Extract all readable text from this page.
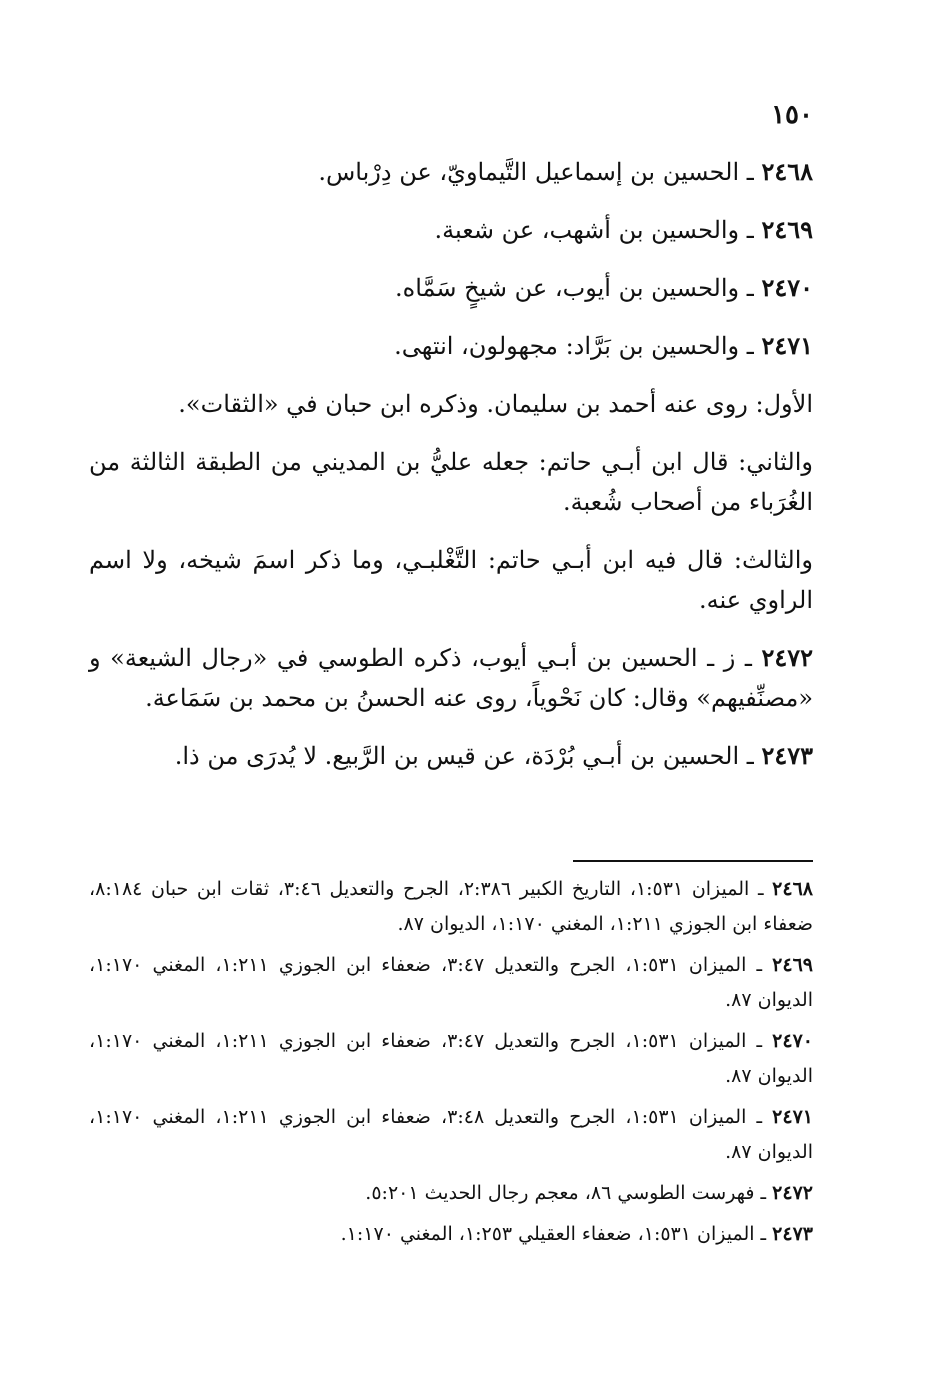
١٥٠

٢٤٦٨ ـ الحسين بن إسماعيل التَّيماويّ، عن دِرْباس.

٢٤٦٩ ـ والحسين بن أشهب، عن شعبة.

٢٤٧٠ ـ والحسين بن أيوب، عن شيخٍ سَمَّاه.

٢٤٧١ ـ والحسين بن بَرَّاد: مجهولون، انتهى.

الأول: روى عنه أحمد بن سليمان. وذكره ابن حبان في «الثقات».

والثاني: قال ابن أبـي حاتم: جعله عليُّ بن المديني من الطبقة الثالثة من الغُرَباء من أصحاب شُعبة.

والثالث: قال فيه ابن أبـي حاتم: التَّغْلبـي، وما ذكر اسمَ شيخه، ولا اسم الراوي عنه.

٢٤٧٢ ـ ز ـ الحسين بن أبـي أيوب، ذكره الطوسي في «رجال الشيعة» و «مصنِّفيهم» وقال: كان نَحْوياً، روى عنه الحسنُ بن محمد بن سَمَاعة.

٢٤٧٣ ـ الحسين بن أبـي بُرْدَة، عن قيس بن الرَّبيع. لا يُدرَى من ذا.

٢٤٦٨ ـ الميزان ١:٥٣١، التاريخ الكبير ٢:٣٨٦، الجرح والتعديل ٣:٤٦، ثقات ابن حبان ٨:١٨٤، ضعفاء ابن الجوزي ١:٢١١، المغني ١:١٧٠، الديوان ٨٧.

٢٤٦٩ ـ الميزان ١:٥٣١، الجرح والتعديل ٣:٤٧، ضعفاء ابن الجوزي ١:٢١١، المغني ١:١٧٠، الديوان ٨٧.

٢٤٧٠ ـ الميزان ١:٥٣١، الجرح والتعديل ٣:٤٧، ضعفاء ابن الجوزي ١:٢١١، المغني ١:١٧٠، الديوان ٨٧.

٢٤٧١ ـ الميزان ١:٥٣١، الجرح والتعديل ٣:٤٨، ضعفاء ابن الجوزي ١:٢١١، المغني ١:١٧٠، الديوان ٨٧.

٢٤٧٢ ـ فهرست الطوسي ٨٦، معجم رجال الحديث ٥:٢٠١.

٢٤٧٣ ـ الميزان ١:٥٣١، ضعفاء العقيلي ١:٢٥٣، المغني ١:١٧٠.
